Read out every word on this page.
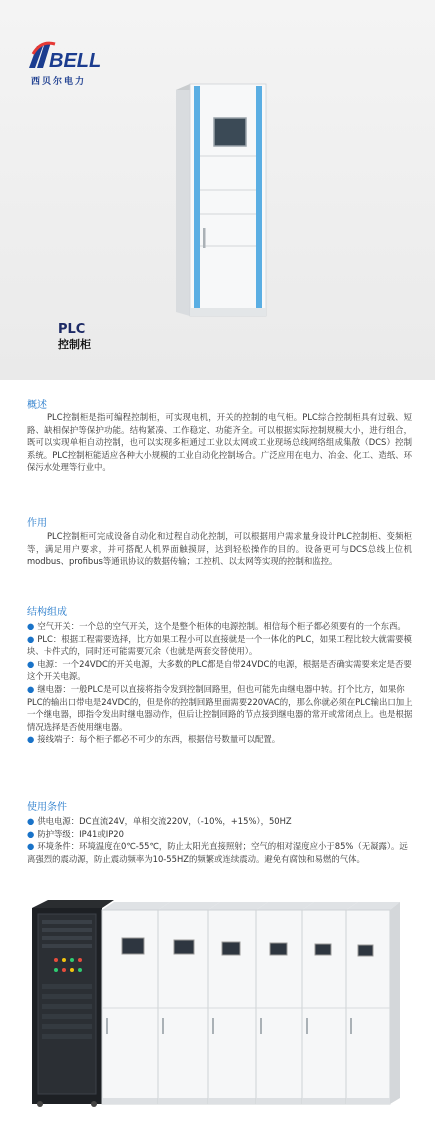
BELL
西贝尔电力
PLC
控制柜
概述

PLC控制柜是指可编程控制柜，可实现电机，开关的控制的电气柜。PLC综合控制柜具有过载、短路、缺相保护等保护功能。结构紧凑、工作稳定、功能齐全。可以根据实际控制规模大小，进行组合，既可以实现单柜自动控制，也可以实现多柜通过工业以太网或工业现场总线网络组成集散（DCS）控制系统。PLC控制柜能适应各种大小规模的工业自动化控制场合。广泛应用在电力、冶金、化工、造纸、环保污水处理等行业中。

作用

PLC控制柜可完成设备自动化和过程自动化控制，可以根据用户需求量身设计PLC控制柜、变频柜等，满足用户要求，并可搭配人机界面触摸屏，达到轻松操作的目的。设备更可与DCS总线上位机 modbus、profibus等通讯协议的数据传输；工控机、以太网等实现的控制和监控。

结构组成
● 空气开关：一个总的空气开关，这个是整个柜体的电源控制。相信每个柜子都必须要有的一个东西。
● PLC：根据工程需要选择，比方如果工程小可以直接就是一个一体化的PLC，如果工程比较大就需要模块、卡件式的，同时还可能需要冗余（也就是两套交替使用）。
● 电源：一个24VDC的开关电源，大多数的PLC都是自带24VDC的电源，根据是否确实需要来定是否要这个开关电源。
● 继电器：一般PLC是可以直接将指令发到控制回路里，但也可能先由继电器中转。打个比方，如果你PLC的输出口带电是24VDC的，但是你的控制回路里面需要220VAC的，那么你就必须在PLC输出口加上一个继电器，即指令发出时继电器动作，但后让控制回路的节点接到继电器的常开或常闭点上。也是根据情况选择是否使用继电器。
● 接线端子：每个柜子都必不可少的东西，根据信号数量可以配置。
使用条件
● 供电电源：DC直流24V，单相交流220V，（-10%，+15%），50HZ
● 防护等级：IP41或IP20
● 环境条件：环境温度在0℃-55℃，防止太阳光直接照射；空气的相对湿度应小于85%（无凝露）。远离强烈的震动源，防止震动频率为10-55HZ的频繁或连续震动。避免有腐蚀和易燃的气体。
